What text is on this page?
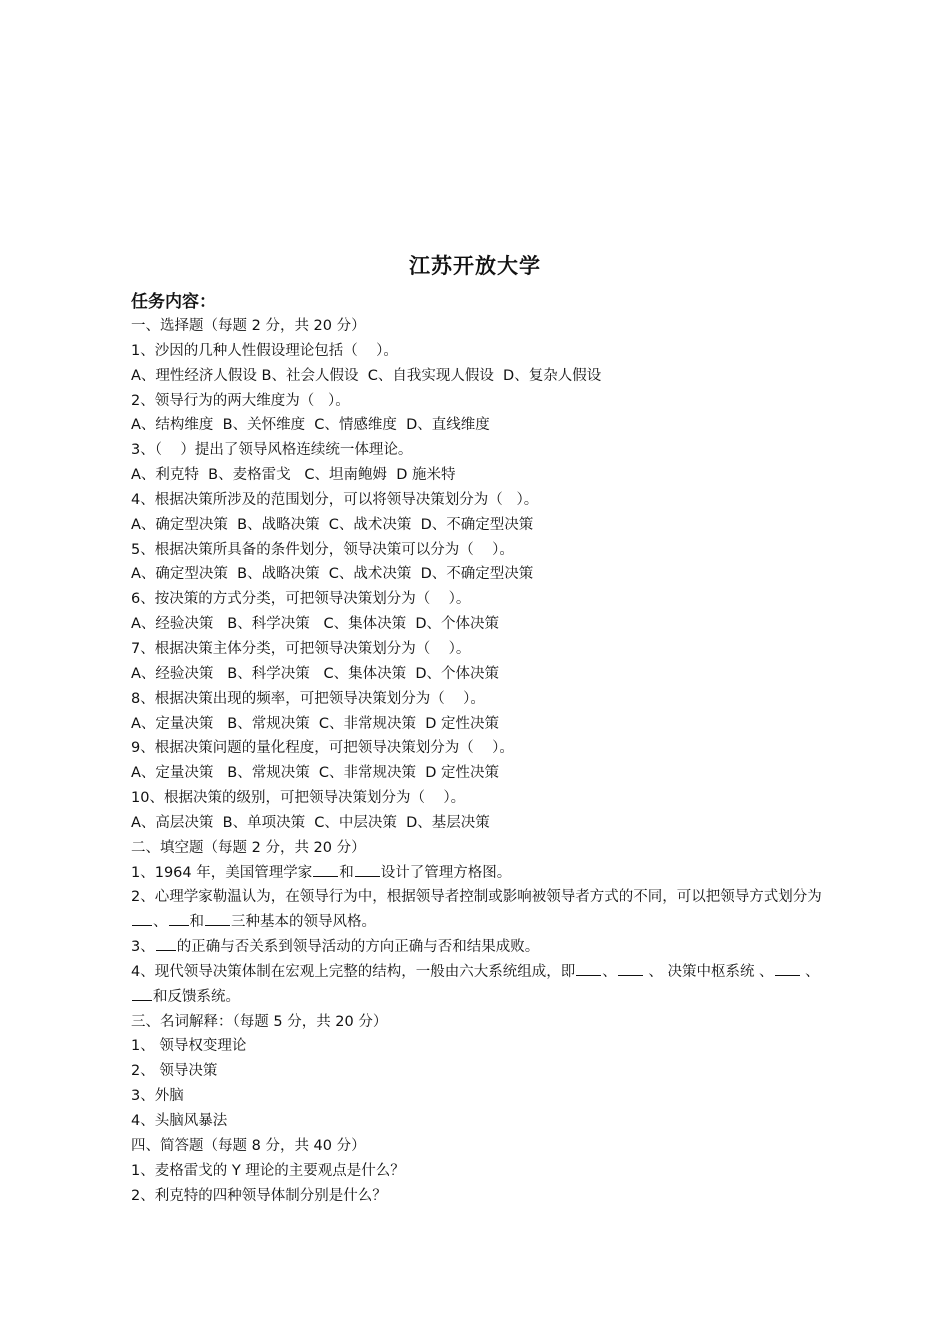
江苏开放大学
任务内容：
一、选择题（每题 2 分，共 20 分）
1、沙因的几种人性假设理论包括（    ）。
A、理性经济人假设 B、社会人假设  C、自我实现人假设  D、复杂人假设
2、领导行为的两大维度为（   ）。
A、结构维度  B、关怀维度  C、情感维度  D、直线维度
3、（    ）提出了领导风格连续统一体理论。
A、利克特  B、麦格雷戈   C、坦南鲍姆  D 施米特
4、根据决策所涉及的范围划分，可以将领导决策划分为（   ）。
A、确定型决策  B、战略决策  C、战术决策  D、不确定型决策
5、根据决策所具备的条件划分，领导决策可以分为（    ）。
A、确定型决策  B、战略决策  C、战术决策  D、不确定型决策
6、按决策的方式分类，可把领导决策划分为（    ）。
A、经验决策   B、科学决策   C、集体决策  D、个体决策
7、根据决策主体分类，可把领导决策划分为（    ）。
A、经验决策   B、科学决策   C、集体决策  D、个体决策
8、根据决策出现的频率，可把领导决策划分为（    ）。
A、定量决策   B、常规决策  C、非常规决策  D 定性决策
9、根据决策问题的量化程度，可把领导决策划分为（    ）。
A、定量决策   B、常规决策  C、非常规决策  D 定性决策
10、根据决策的级别，可把领导决策划分为（    ）。
A、高层决策  B、单项决策  C、中层决策  D、基层决策
二、填空题（每题 2 分，共 20 分）
1、1964 年，美国管理学家 和 设计了管理方格图。
2、心理学家勒温认为，在领导行为中，根据领导者控制或影响被领导者方式的不同，可以把领导方式划分为、 和 三种基本的领导风格。
3、 的正确与否关系到领导活动的方向正确与否和结果成败。
4、现代领导决策体制在宏观上完整的结构，一般由六大系统组成，即 、 、 决策中枢系统 、 、和反馈系统。
三、名词解释：（每题 5 分，共 20 分）
1、 领导权变理论
2、 领导决策
3、外脑
4、头脑风暴法
四、简答题（每题 8 分，共 40 分）
1、麦格雷戈的 Y 理论的主要观点是什么？
2、利克特的四种领导体制分别是什么？
